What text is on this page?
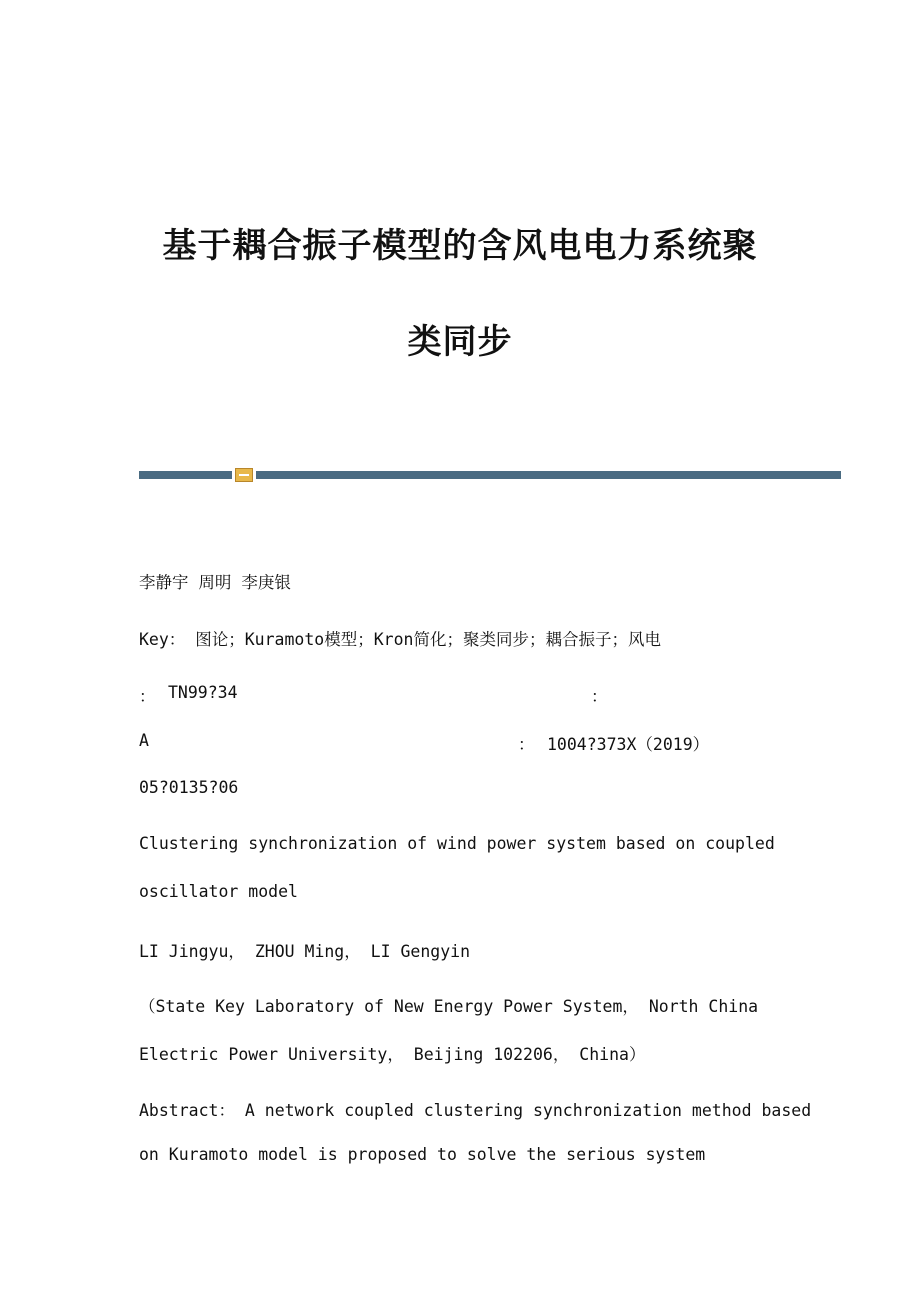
基于耦合振子模型的含风电电力系统聚
类同步
李静宇 周明 李庚银
Key： 图论；Kuramoto模型；Kron简化；聚类同步；耦合振子；风电
： TN99?34	：
A	： 1004?373X（2019）
05?0135?06
Clustering synchronization of wind power system based on coupled
oscillator model
LI Jingyu， ZHOU Ming， LI Gengyin
（State Key Laboratory of New Energy Power System， North China
Electric Power University， Beijing 102206， China）
Abstract： A network coupled clustering synchronization method based
on Kuramoto model is proposed to solve the serious system
